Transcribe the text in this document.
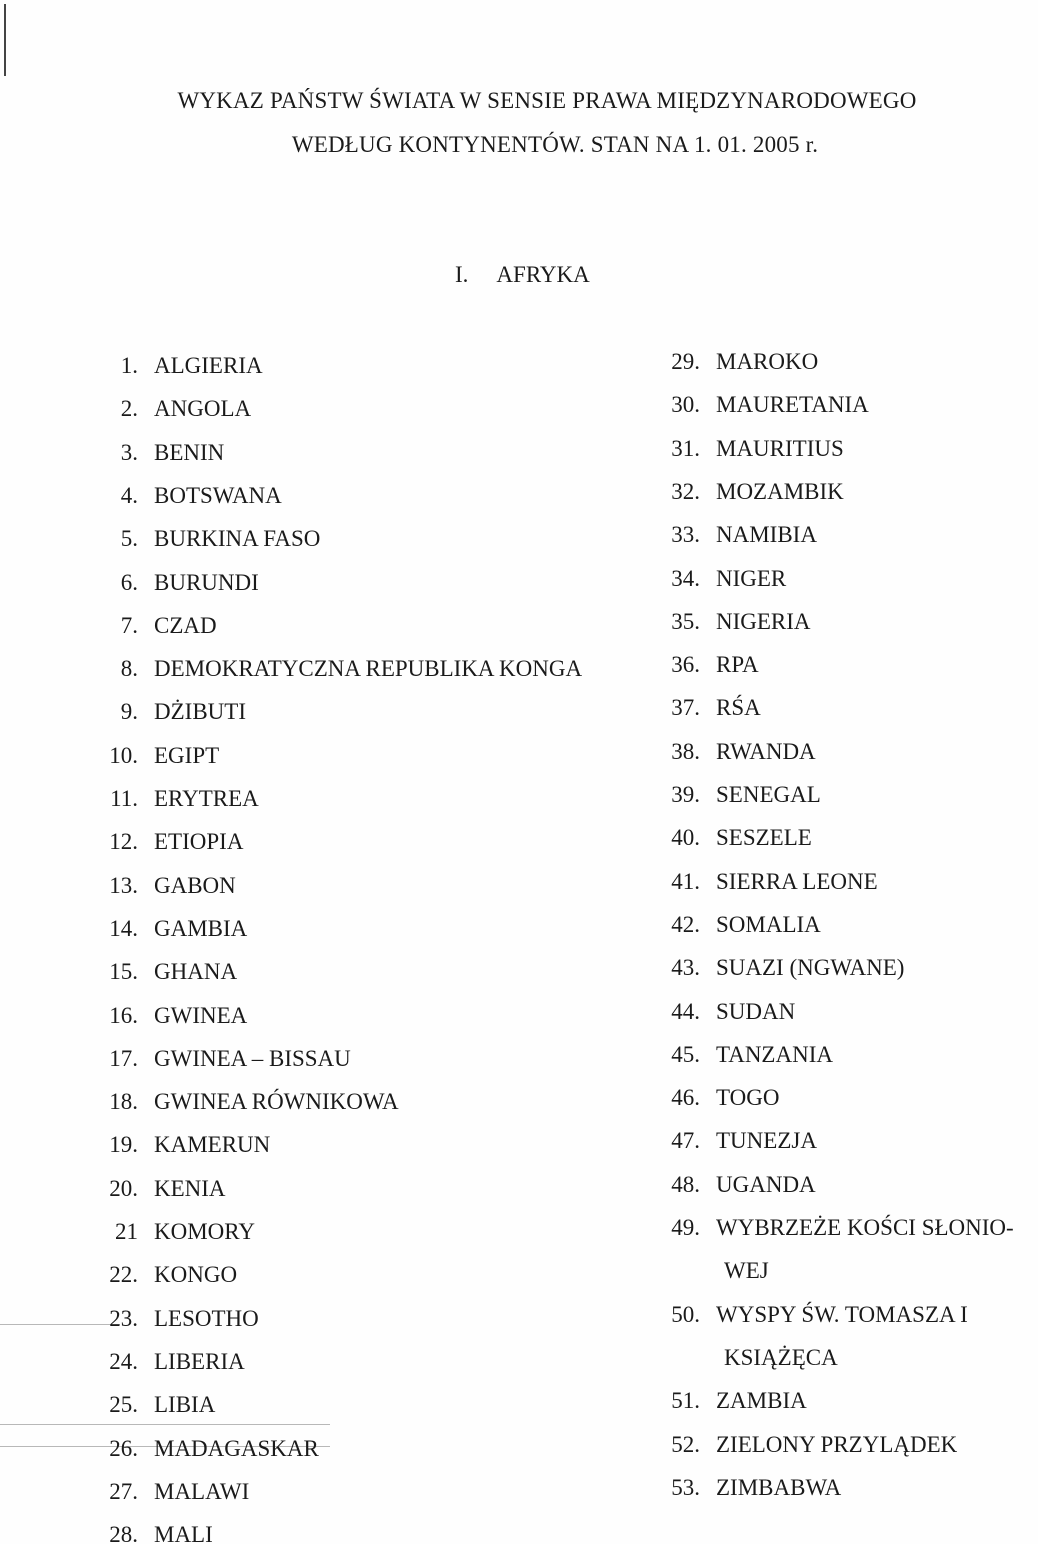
WYKAZ PAŃSTW ŚWIATA W SENSIE PRAWA MIĘDZYNARODOWEGO
WEDŁUG KONTYNENTÓW. STAN NA 1. 01. 2005 r.
I. AFRYKA
1. ALGIERIA
2. ANGOLA
3. BENIN
4. BOTSWANA
5. BURKINA FASO
6. BURUNDI
7. CZAD
8. DEMOKRATYCZNA REPUBLIKA KONGA
9. DŻIBUTI
10. EGIPT
11. ERYTREA
12. ETIOPIA
13. GABON
14. GAMBIA
15. GHANA
16. GWINEA
17. GWINEA – BISSAU
18. GWINEA RÓWNIKOWA
19. KAMERUN
20. KENIA
21 KOMORY
22. KONGO
23. LESOTHO
24. LIBERIA
25. LIBIA
26. MADAGASKAR
27. MALAWI
28. MALI
29. MAROKO
30. MAURETANIA
31. MAURITIUS
32. MOZAMBIK
33. NAMIBIA
34. NIGER
35. NIGERIA
36. RPA
37. RŚA
38. RWANDA
39. SENEGAL
40. SESZELE
41. SIERRA LEONE
42. SOMALIA
43. SUAZI (NGWANE)
44. SUDAN
45. TANZANIA
46. TOGO
47. TUNEZJA
48. UGANDA
49. WYBRZEŻE KOŚCI SŁONIO-
WEJ
50. WYSPY ŚW. TOMASZA I
KSIĄŻĘCA
51. ZAMBIA
52. ZIELONY PRZYLĄDEK
53. ZIMBABWA
